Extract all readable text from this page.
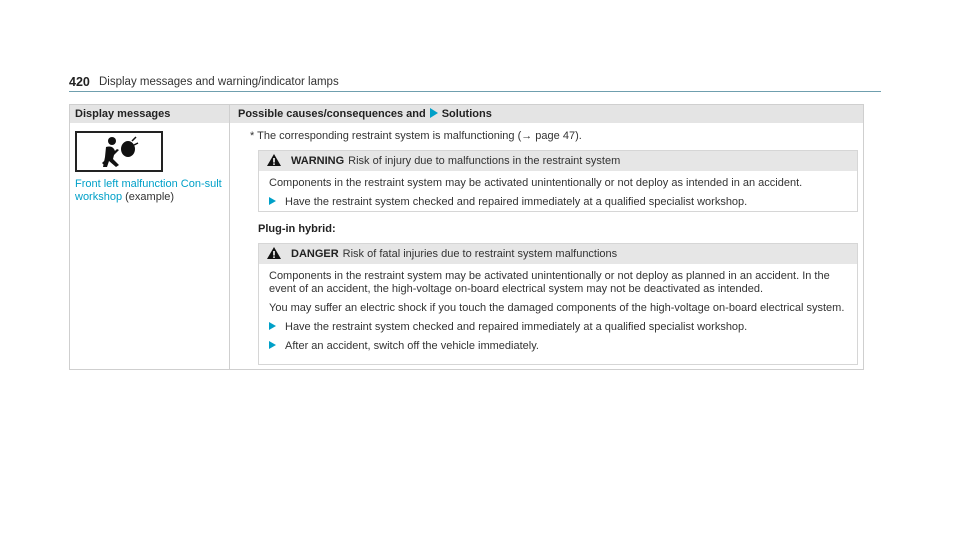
420 Display messages and warning/indicator lamps
Display messages	Possible causes/consequences and Solutions
Front left malfunction Con-sult workshop (example)
* The corresponding restraint system is malfunctioning (→ page 47).
WARNING Risk of injury due to malfunctions in the restraint system

Components in the restraint system may be activated unintentionally or not deploy as intended in an accident.

Have the restraint system checked and repaired immediately at a qualified specialist workshop.
Plug-in hybrid:
DANGER Risk of fatal injuries due to restraint system malfunctions

Components in the restraint system may be activated unintentionally or not deploy as planned in an accident. In the event of an accident, the high-voltage on-board electrical system may not be deactivated as intended.

You may suffer an electric shock if you touch the damaged components of the high-voltage on-board electrical system.

Have the restraint system checked and repaired immediately at a qualified specialist workshop.
After an accident, switch off the vehicle immediately.
